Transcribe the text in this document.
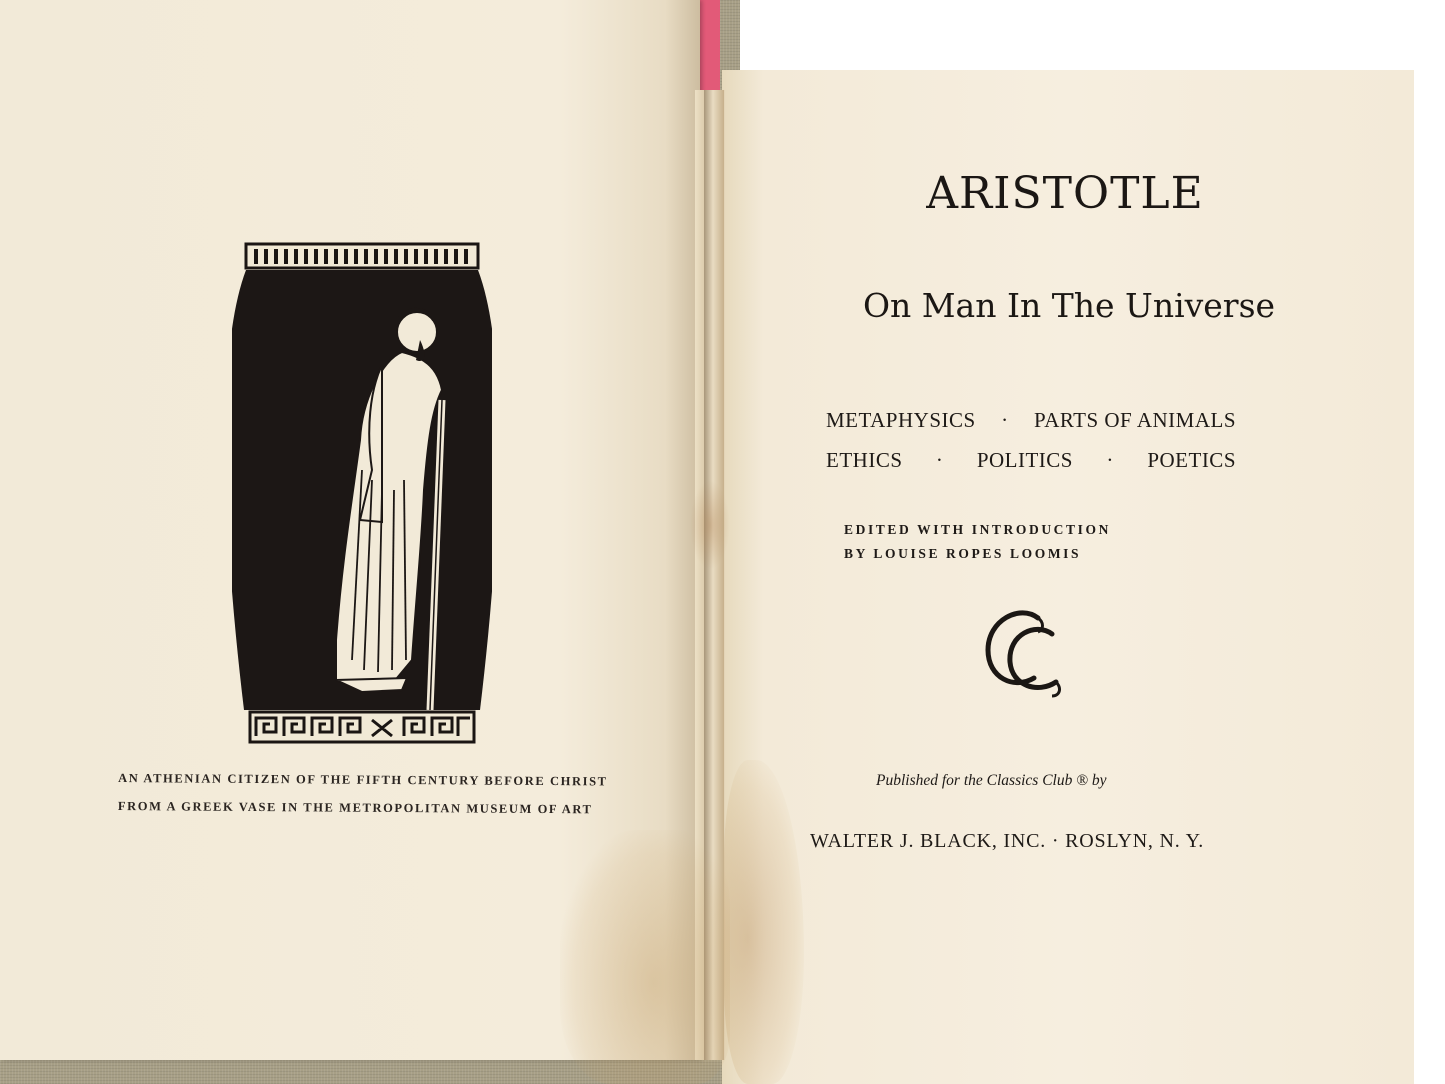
AN ATHENIAN CITIZEN OF THE FIFTH CENTURY BEFORE CHRIST
FROM A GREEK VASE IN THE METROPOLITAN MUSEUM OF ART
ARISTOTLE
On Man In The Universe
METAPHYSICS · PARTS OF ANIMALS
ETHICS · POLITICS · POETICS
EDITED WITH INTRODUCTION
BY LOUISE ROPES LOOMIS
Published for the Classics Club ® by
WALTER J. BLACK, INC. · ROSLYN, N. Y.
